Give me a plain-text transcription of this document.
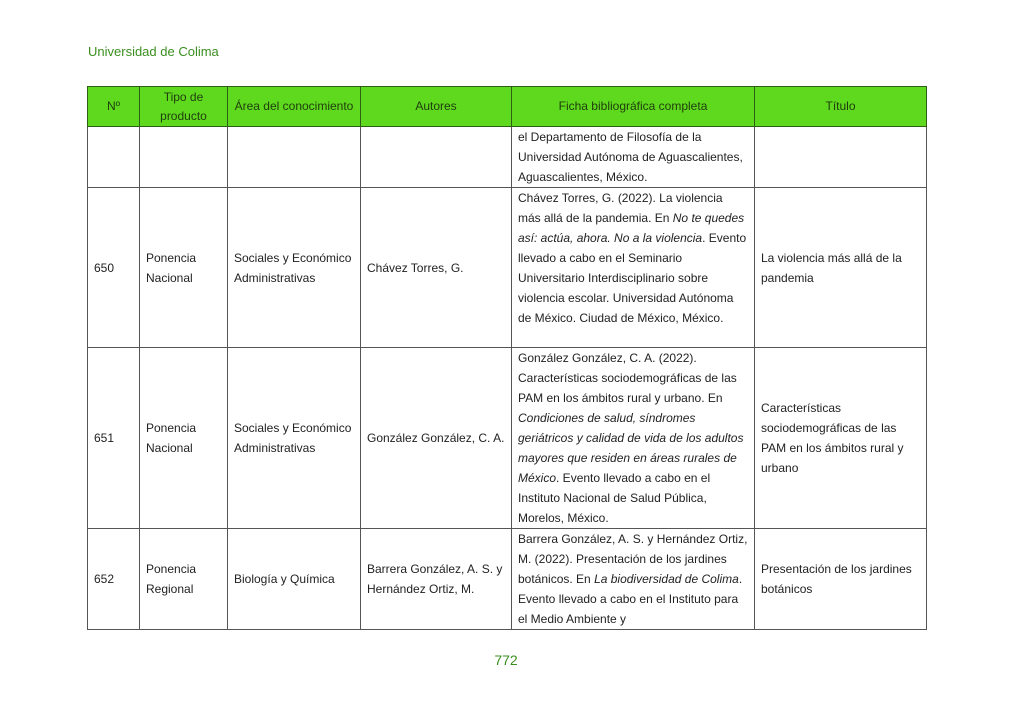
Universidad de Colima
Nº	Tipo de producto	Área del conocimiento	Autores	Ficha bibliográfica completa	Título
				el Departamento de Filosofía de la Universidad Autónoma de Aguascalientes, Aguascalientes, México.	
650	Ponencia Nacional	Sociales y Económico Administrativas	Chávez Torres, G.	Chávez Torres, G. (2022). La violencia más allá de la pandemia. En No te quedes así: actúa, ahora. No a la violencia. Evento llevado a cabo en el Seminario Universitario Interdisciplinario sobre violencia escolar. Universidad Autónoma de México. Ciudad de México, México.	La violencia más allá de la pandemia
651	Ponencia Nacional	Sociales y Económico Administrativas	González González, C. A.	González González, C. A. (2022). Características sociodemográficas de las PAM en los ámbitos rural y urbano. En Condiciones de salud, síndromes geriátricos y calidad de vida de los adultos mayores que residen en áreas rurales de México. Evento llevado a cabo en el Instituto Nacional de Salud Pública, Morelos, México.	Características sociodemográficas de las PAM en los ámbitos rural y urbano
652	Ponencia Regional	Biología y Química	Barrera González, A. S. y Hernández Ortiz, M.	Barrera González, A. S. y Hernández Ortiz, M. (2022). Presentación de los jardines botánicos. En La biodiversidad de Colima. Evento llevado a cabo en el Instituto para el Medio Ambiente y	Presentación de los jardines botánicos
772
